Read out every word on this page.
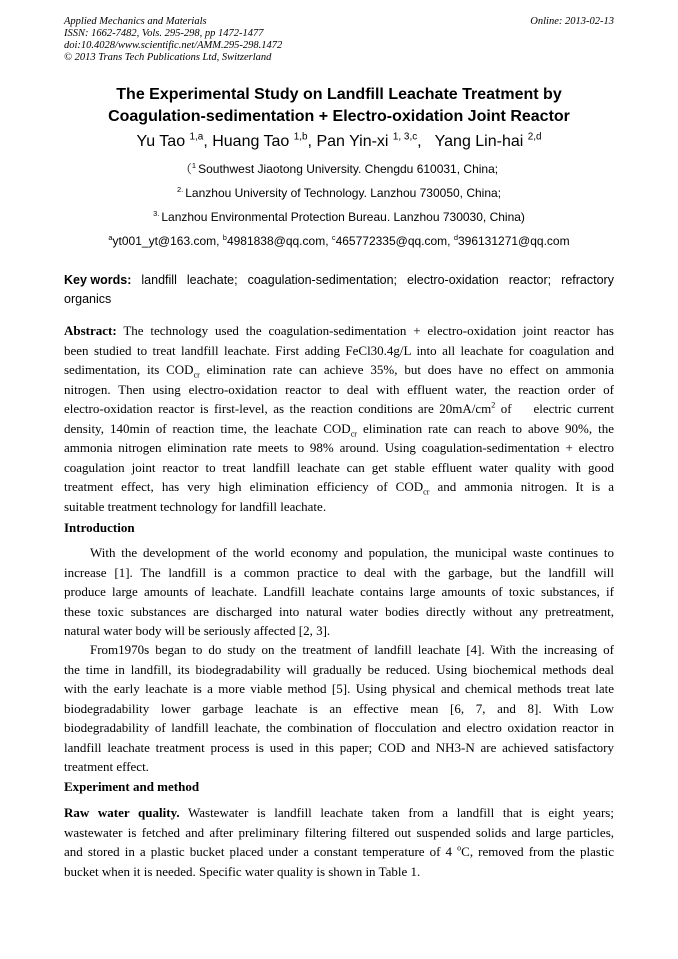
Applied Mechanics and Materials
ISSN: 1662-7482, Vols. 295-298, pp 1472-1477
doi:10.4028/www.scientific.net/AMM.295-298.1472
© 2013 Trans Tech Publications Ltd, Switzerland
Online: 2013-02-13
The Experimental Study on Landfill Leachate Treatment by
Coagulation-sedimentation + Electro-oxidation Joint Reactor
Yu Tao $^{1,a}$, Huang Tao $^{1,b}$, Pan Yin-xi $^{1, 3,c}$,   Yang Lin-hai $^{2,d}$
（$^1$ Southwest Jiaotong University. Chengdu 610031, China;
$^{2.}$ Lanzhou University of Technology. Lanzhou 730050, China;
$^{3.}$ Lanzhou Environmental Protection Bureau. Lanzhou 730030, China)
$^a$yt001_yt@163.com, $^b$4981838@qq.com, $^c$465772335@qq.com, $^d$396131271@qq.com
Key words: landfill leachate; coagulation-sedimentation; electro-oxidation reactor; refractory
organics
Abstract: The technology used the coagulation-sedimentation + electro-oxidation joint reactor has
been studied to treat landfill leachate. First adding FeCl30.4g/L into all leachate for coagulation and
sedimentation, its $COD_{cr}$ elimination rate can achieve 35%, but does have no effect on ammonia
nitrogen. Then using electro-oxidation reactor to deal with effluent water, the reaction order of
electro-oxidation reactor is first-level, as the reaction conditions are $20mA/cm^2$ of    electric current
density, 140min of reaction time, the leachate $COD_{cr}$ elimination rate can reach to above 90%, the
ammonia nitrogen elimination rate meets to 98% around. Using coagulation-sedimentation + electro
coagulation joint reactor to treat landfill leachate can get stable effluent water quality with good
treatment effect, has very high elimination efficiency of $COD_{cr}$ and ammonia nitrogen. It is a
suitable treatment technology for landfill leachate.
Introduction
With the development of the world economy and population, the municipal waste continues to
increase [1]. The landfill is a common practice to deal with the garbage, but the landfill will
produce large amounts of leachate. Landfill leachate contains large amounts of toxic substances, if
these toxic substances are discharged into natural water bodies directly without any pretreatment,
natural water body will be seriously affected [2, 3].
From1970s began to do study on the treatment of landfill leachate [4]. With the increasing of
the time in landfill, its biodegradability will gradually be reduced. Using biochemical methods deal
with the early leachate is a more viable method [5]. Using physical and chemical methods treat late
biodegradability lower garbage leachate is an effective mean [6, 7, and 8]. With Low
biodegradability of landfill leachate, the combination of flocculation and electro oxidation reactor in
landfill leachate treatment process is used in this paper; COD and NH3-N are achieved satisfactory
treatment effect.
Experiment and method
Raw water quality. Wastewater is landfill leachate taken from a landfill that is eight years;
wastewater is fetched and after preliminary filtering filtered out suspended solids and large particles,
and stored in a plastic bucket placed under a constant temperature of 4 $^o$C, removed from the plastic
bucket when it is needed. Specific water quality is shown in Table 1.
